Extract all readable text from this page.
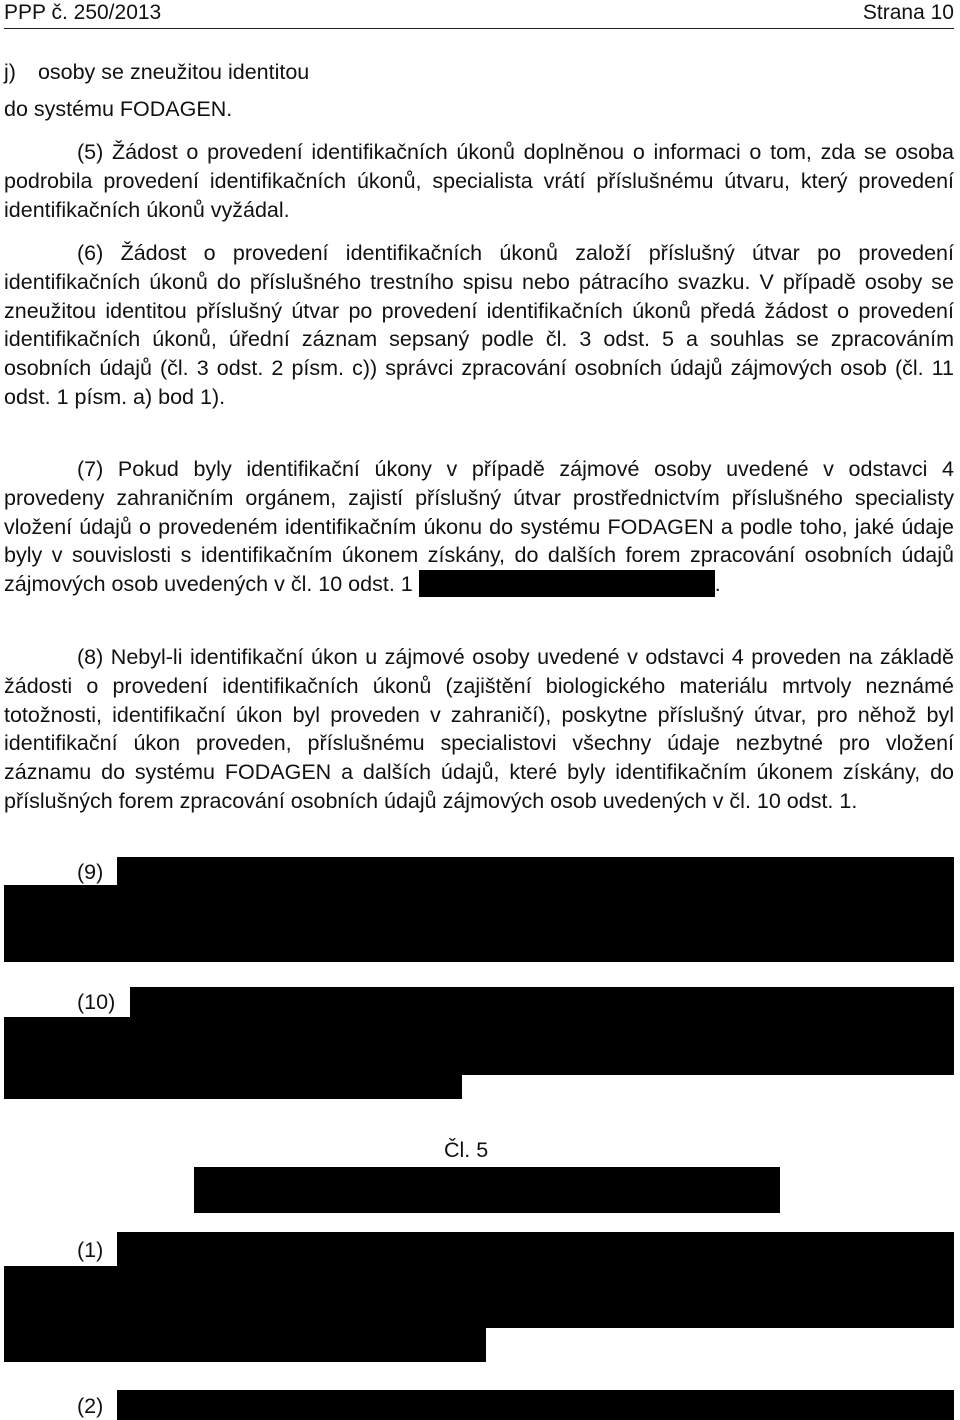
PPP č. 250/2013	Strana 10
j) osoby se zneužitou identitou
do systému FODAGEN.
(5) Žádost o provedení identifikačních úkonů doplněnou o informaci o tom, zda se osoba podrobila provedení identifikačních úkonů, specialista vrátí příslušnému útvaru, který provedení identifikačních úkonů vyžádal.
(6) Žádost o provedení identifikačních úkonů založí příslušný útvar po provedení identifikačních úkonů do příslušného trestního spisu nebo pátracího svazku. V případě osoby se zneužitou identitou příslušný útvar po provedení identifikačních úkonů předá žádost o provedení identifikačních úkonů, úřední záznam sepsaný podle čl. 3 odst. 5 a souhlas se zpracováním osobních údajů (čl. 3 odst. 2 písm. c)) správci zpracování osobních údajů zájmových osob (čl. 11 odst. 1 písm. a) bod 1).
(7) Pokud byly identifikační úkony v případě zájmové osoby uvedené v odstavci 4 provedeny zahraničním orgánem, zajistí příslušný útvar prostřednictvím příslušného specialisty vložení údajů o provedeném identifikačním úkonu do systému FODAGEN a podle toho, jaké údaje byly v souvislosti s identifikačním úkonem získány, do dalších forem zpracování osobních údajů zájmových osob uvedených v čl. 10 odst. 1	.
(8) Nebyl-li identifikační úkon u zájmové osoby uvedené v odstavci 4 proveden na základě žádosti o provedení identifikačních úkonů (zajištění biologického materiálu mrtvoly neznámé totožnosti, identifikační úkon byl proveden v zahraničí), poskytne příslušný útvar, pro něhož byl identifikační úkon proveden, příslušnému specialistovi všechny údaje nezbytné pro vložení záznamu do systému FODAGEN a dalších údajů, které byly identifikačním úkonem získány, do příslušných forem zpracování osobních údajů zájmových osob uvedených v čl. 10 odst. 1.
(9)
(10)
Čl. 5
(1)
(2)
